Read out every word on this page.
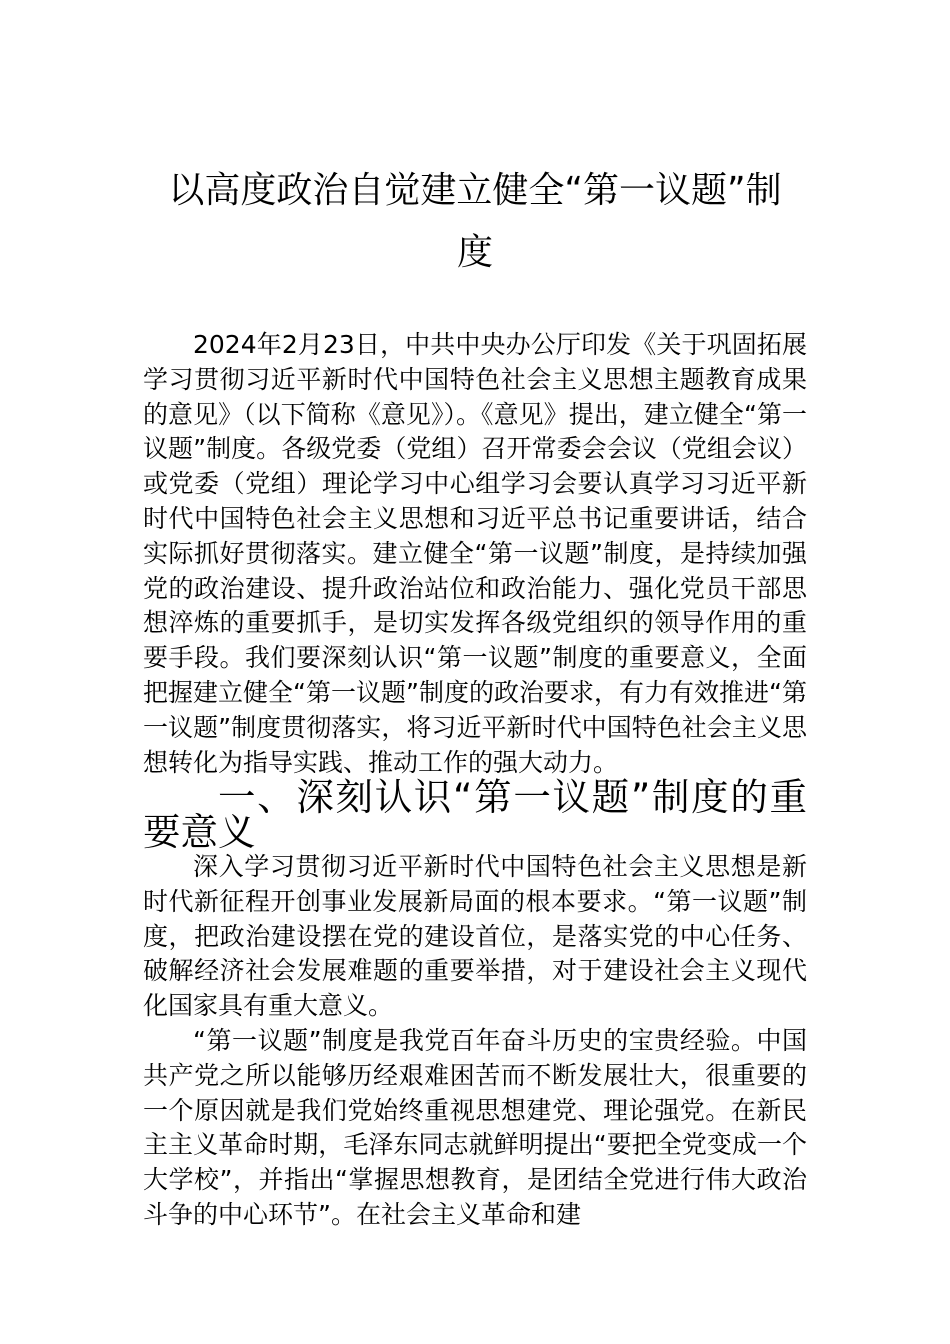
以高度政治自觉建立健全“第一议题”制
度

2024年2月23日，中共中央办公厅印发《关于巩固拓展学习贯彻习近平新时代中国特色社会主义思想主题教育成果的意见》（以下简称《意见》）。《意见》提出，建立健全“第一议题”制度。各级党委（党组）召开常委会会议（党组会议）或党委（党组）理论学习中心组学习会要认真学习习近平新时代中国特色社会主义思想和习近平总书记重要讲话，结合实际抓好贯彻落实。建立健全“第一议题”制度，是持续加强党的政治建设、提升政治站位和政治能力、强化党员干部思想淬炼的重要抓手，是切实发挥各级党组织的领导作用的重要手段。我们要深刻认识“第一议题”制度的重要意义，全面把握建立健全“第一议题”制度的政治要求，有力有效推进“第一议题”制度贯彻落实，将习近平新时代中国特色社会主义思想转化为指导实践、推动工作的强大动力。

一、深刻认识“第一议题”制度的重要意义

深入学习贯彻习近平新时代中国特色社会主义思想是新时代新征程开创事业发展新局面的根本要求。“第一议题”制度，把政治建设摆在党的建设首位，是落实党的中心任务、破解经济社会发展难题的重要举措，对于建设社会主义现代化国家具有重大意义。

“第一议题”制度是我党百年奋斗历史的宝贵经验。中国共产党之所以能够历经艰难困苦而不断发展壮大，很重要的一个原因就是我们党始终重视思想建党、理论强党。在新民主主义革命时期，毛泽东同志就鲜明提出“要把全党变成一个大学校”，并指出“掌握思想教育，是团结全党进行伟大政治斗争的中心环节”。在社会主义革命和建
